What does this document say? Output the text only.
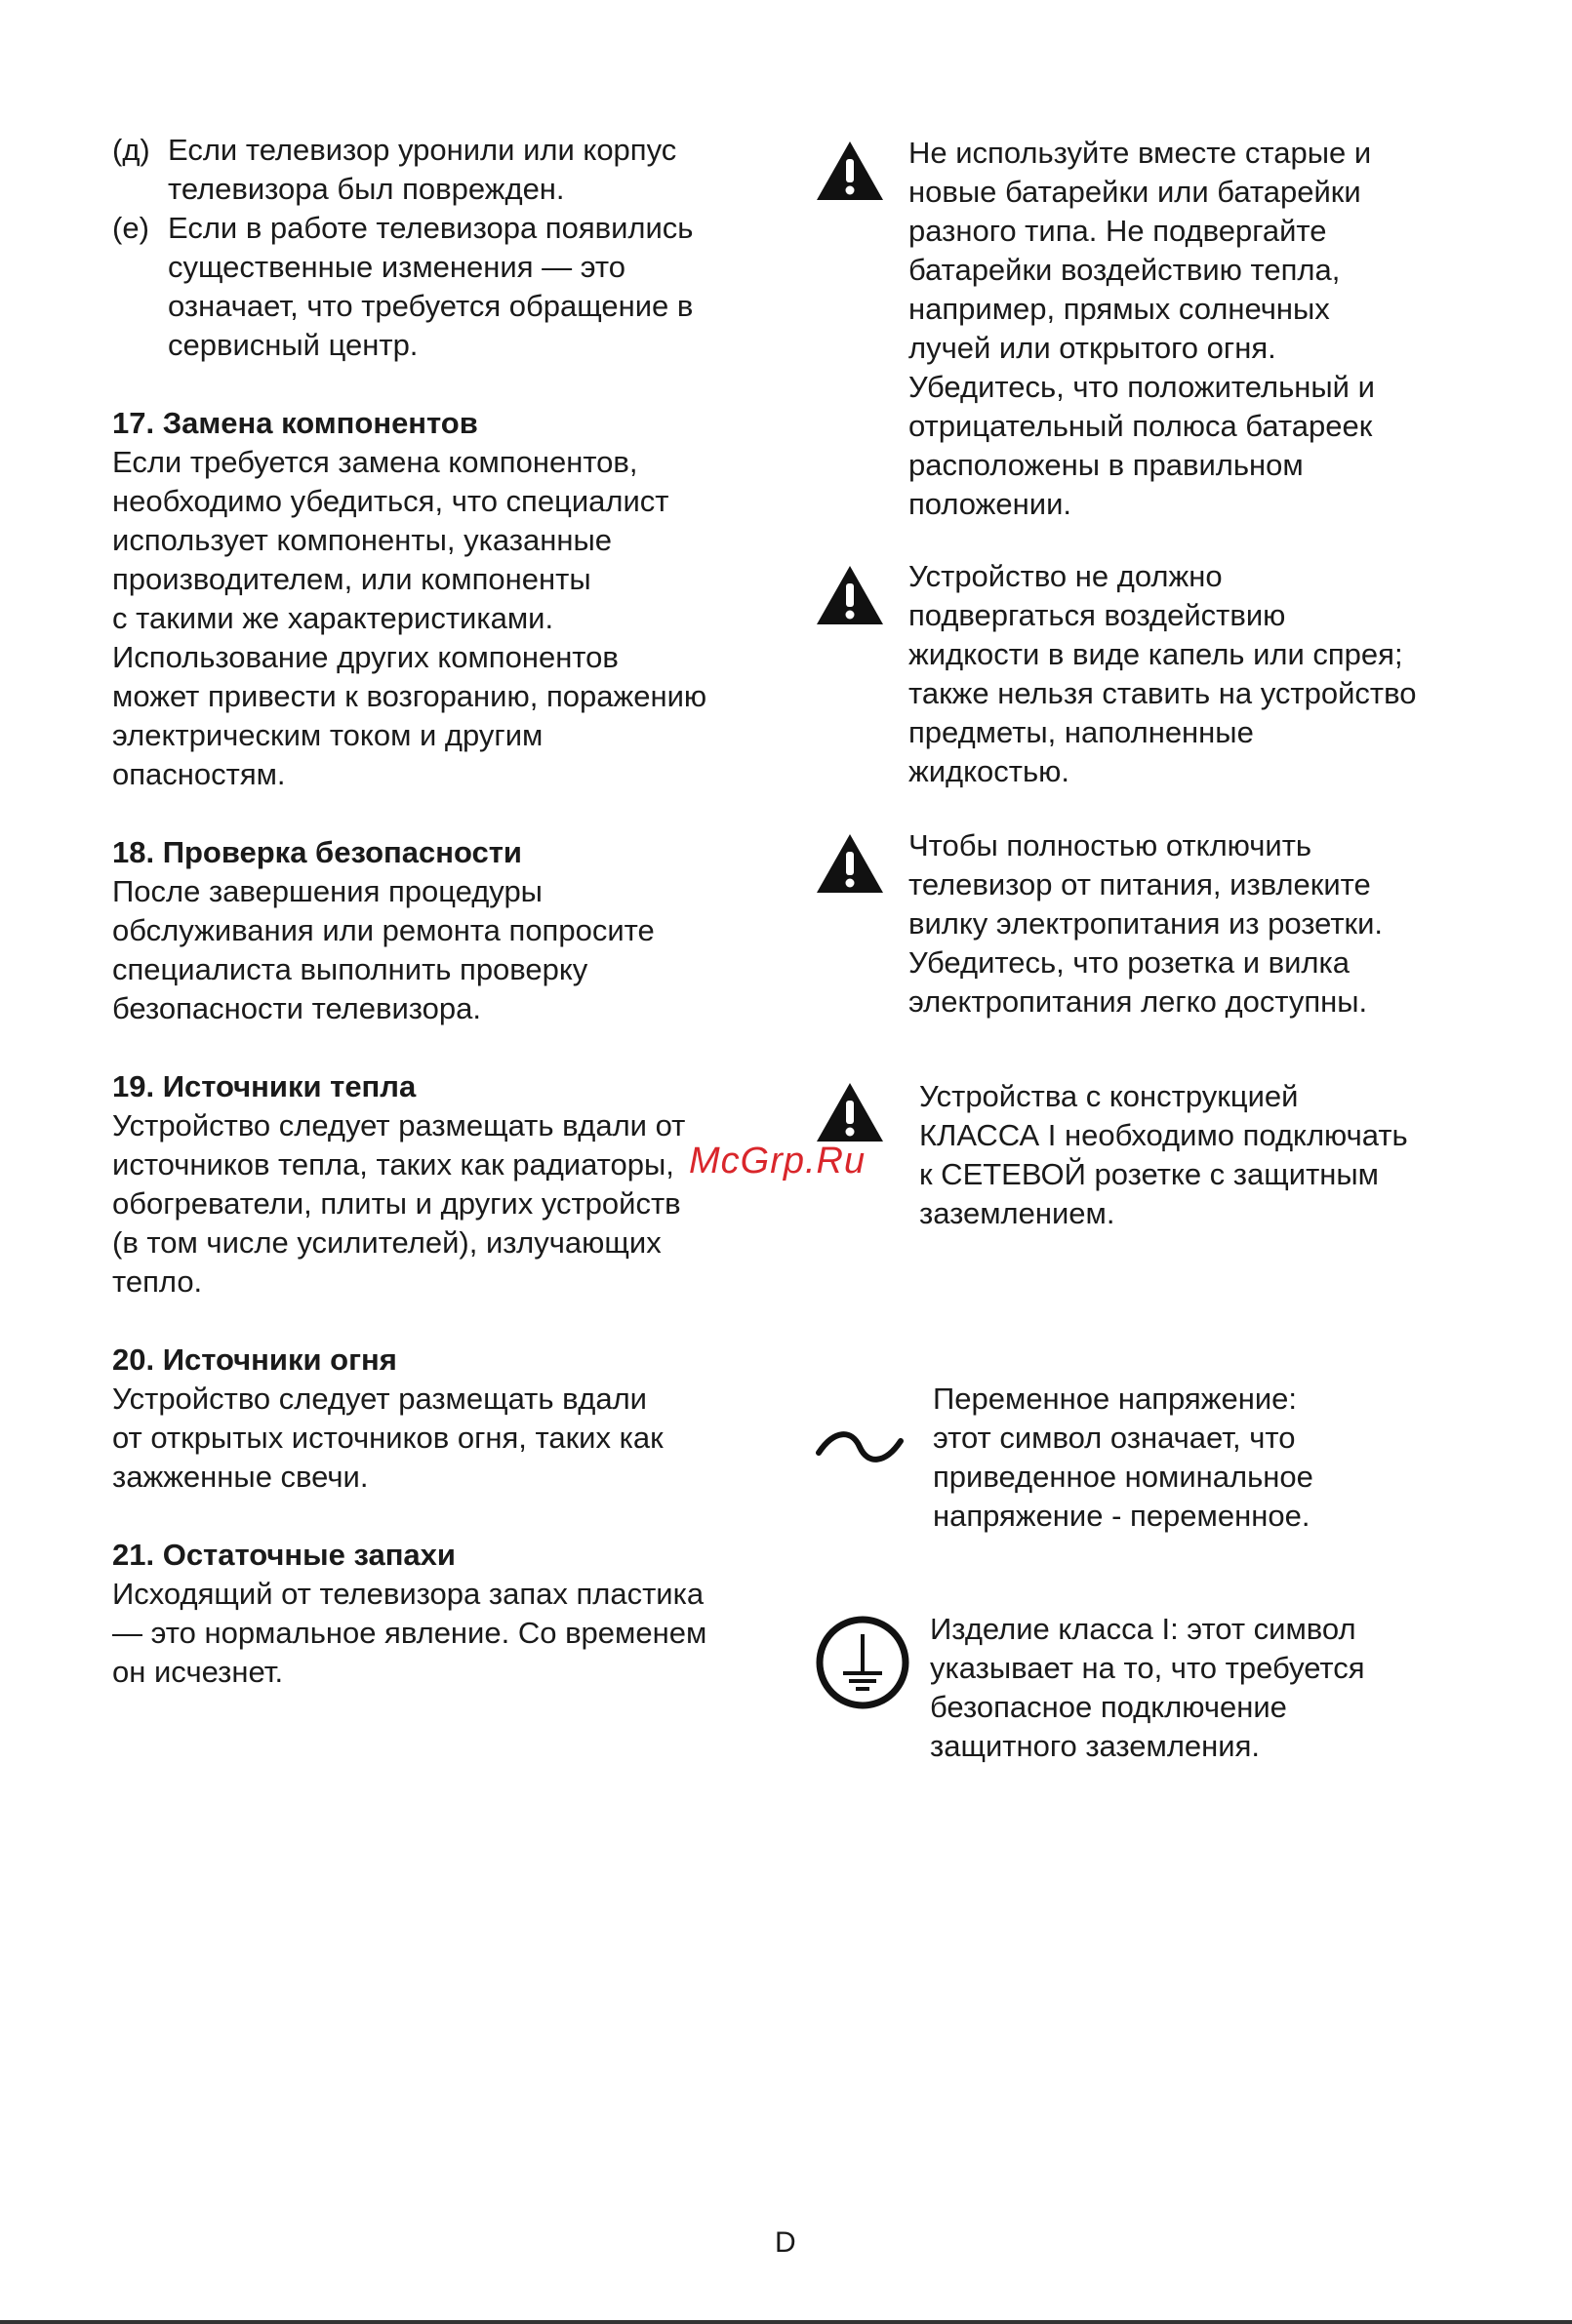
(д) Если телевизор уронили или корпус
телевизора был поврежден.
(е) Если в работе телевизора появились
существенные изменения — это
означает, что требуется обращение в
сервисный центр.
17. Замена компонентов
Если требуется замена компонентов,
необходимо убедиться, что специалист
использует компоненты, указанные
производителем, или компоненты
с такими же характеристиками.
Использование других компонентов
может привести к возгоранию, поражению
электрическим током и другим
опасностям.
18. Проверка безопасности
После завершения процедуры
обслуживания или ремонта попросите
специалиста выполнить проверку
безопасности телевизора.
19. Источники тепла
Устройство следует размещать вдали от
источников тепла, таких как радиаторы,
обогреватели, плиты и других устройств
(в том числе усилителей), излучающих
тепло.
20. Источники огня
Устройство следует размещать вдали
от открытых источников огня, таких как
зажженные свечи.
21. Остаточные запахи
Исходящий от телевизора запах пластика
— это нормальное явление. Со временем
он исчезнет.
Не используйте вместе старые и
новые батарейки или батарейки
разного типа. Не подвергайте
батарейки воздействию тепла,
например, прямых солнечных
лучей или открытого огня.
Убедитесь, что положительный и
отрицательный полюса батареек
расположены в правильном
положении.
Устройство не должно
подвергаться воздействию
жидкости в виде капель или спрея;
также нельзя ставить на устройство
предметы, наполненные
жидкостью.
Чтобы полностью отключить
телевизор от питания, извлеките
вилку электропитания из розетки.
Убедитесь, что розетка и вилка
электропитания легко доступны.
Устройства с конструкцией
КЛАССА I необходимо подключать
к СЕТЕВОЙ розетке с защитным
заземлением.
Переменное напряжение:
этот символ означает, что
приведенное номинальное
напряжение - переменное.
Изделие класса I: этот символ
указывает на то, что требуется
безопасное подключение
защитного заземления.
McGrp.Ru
D
